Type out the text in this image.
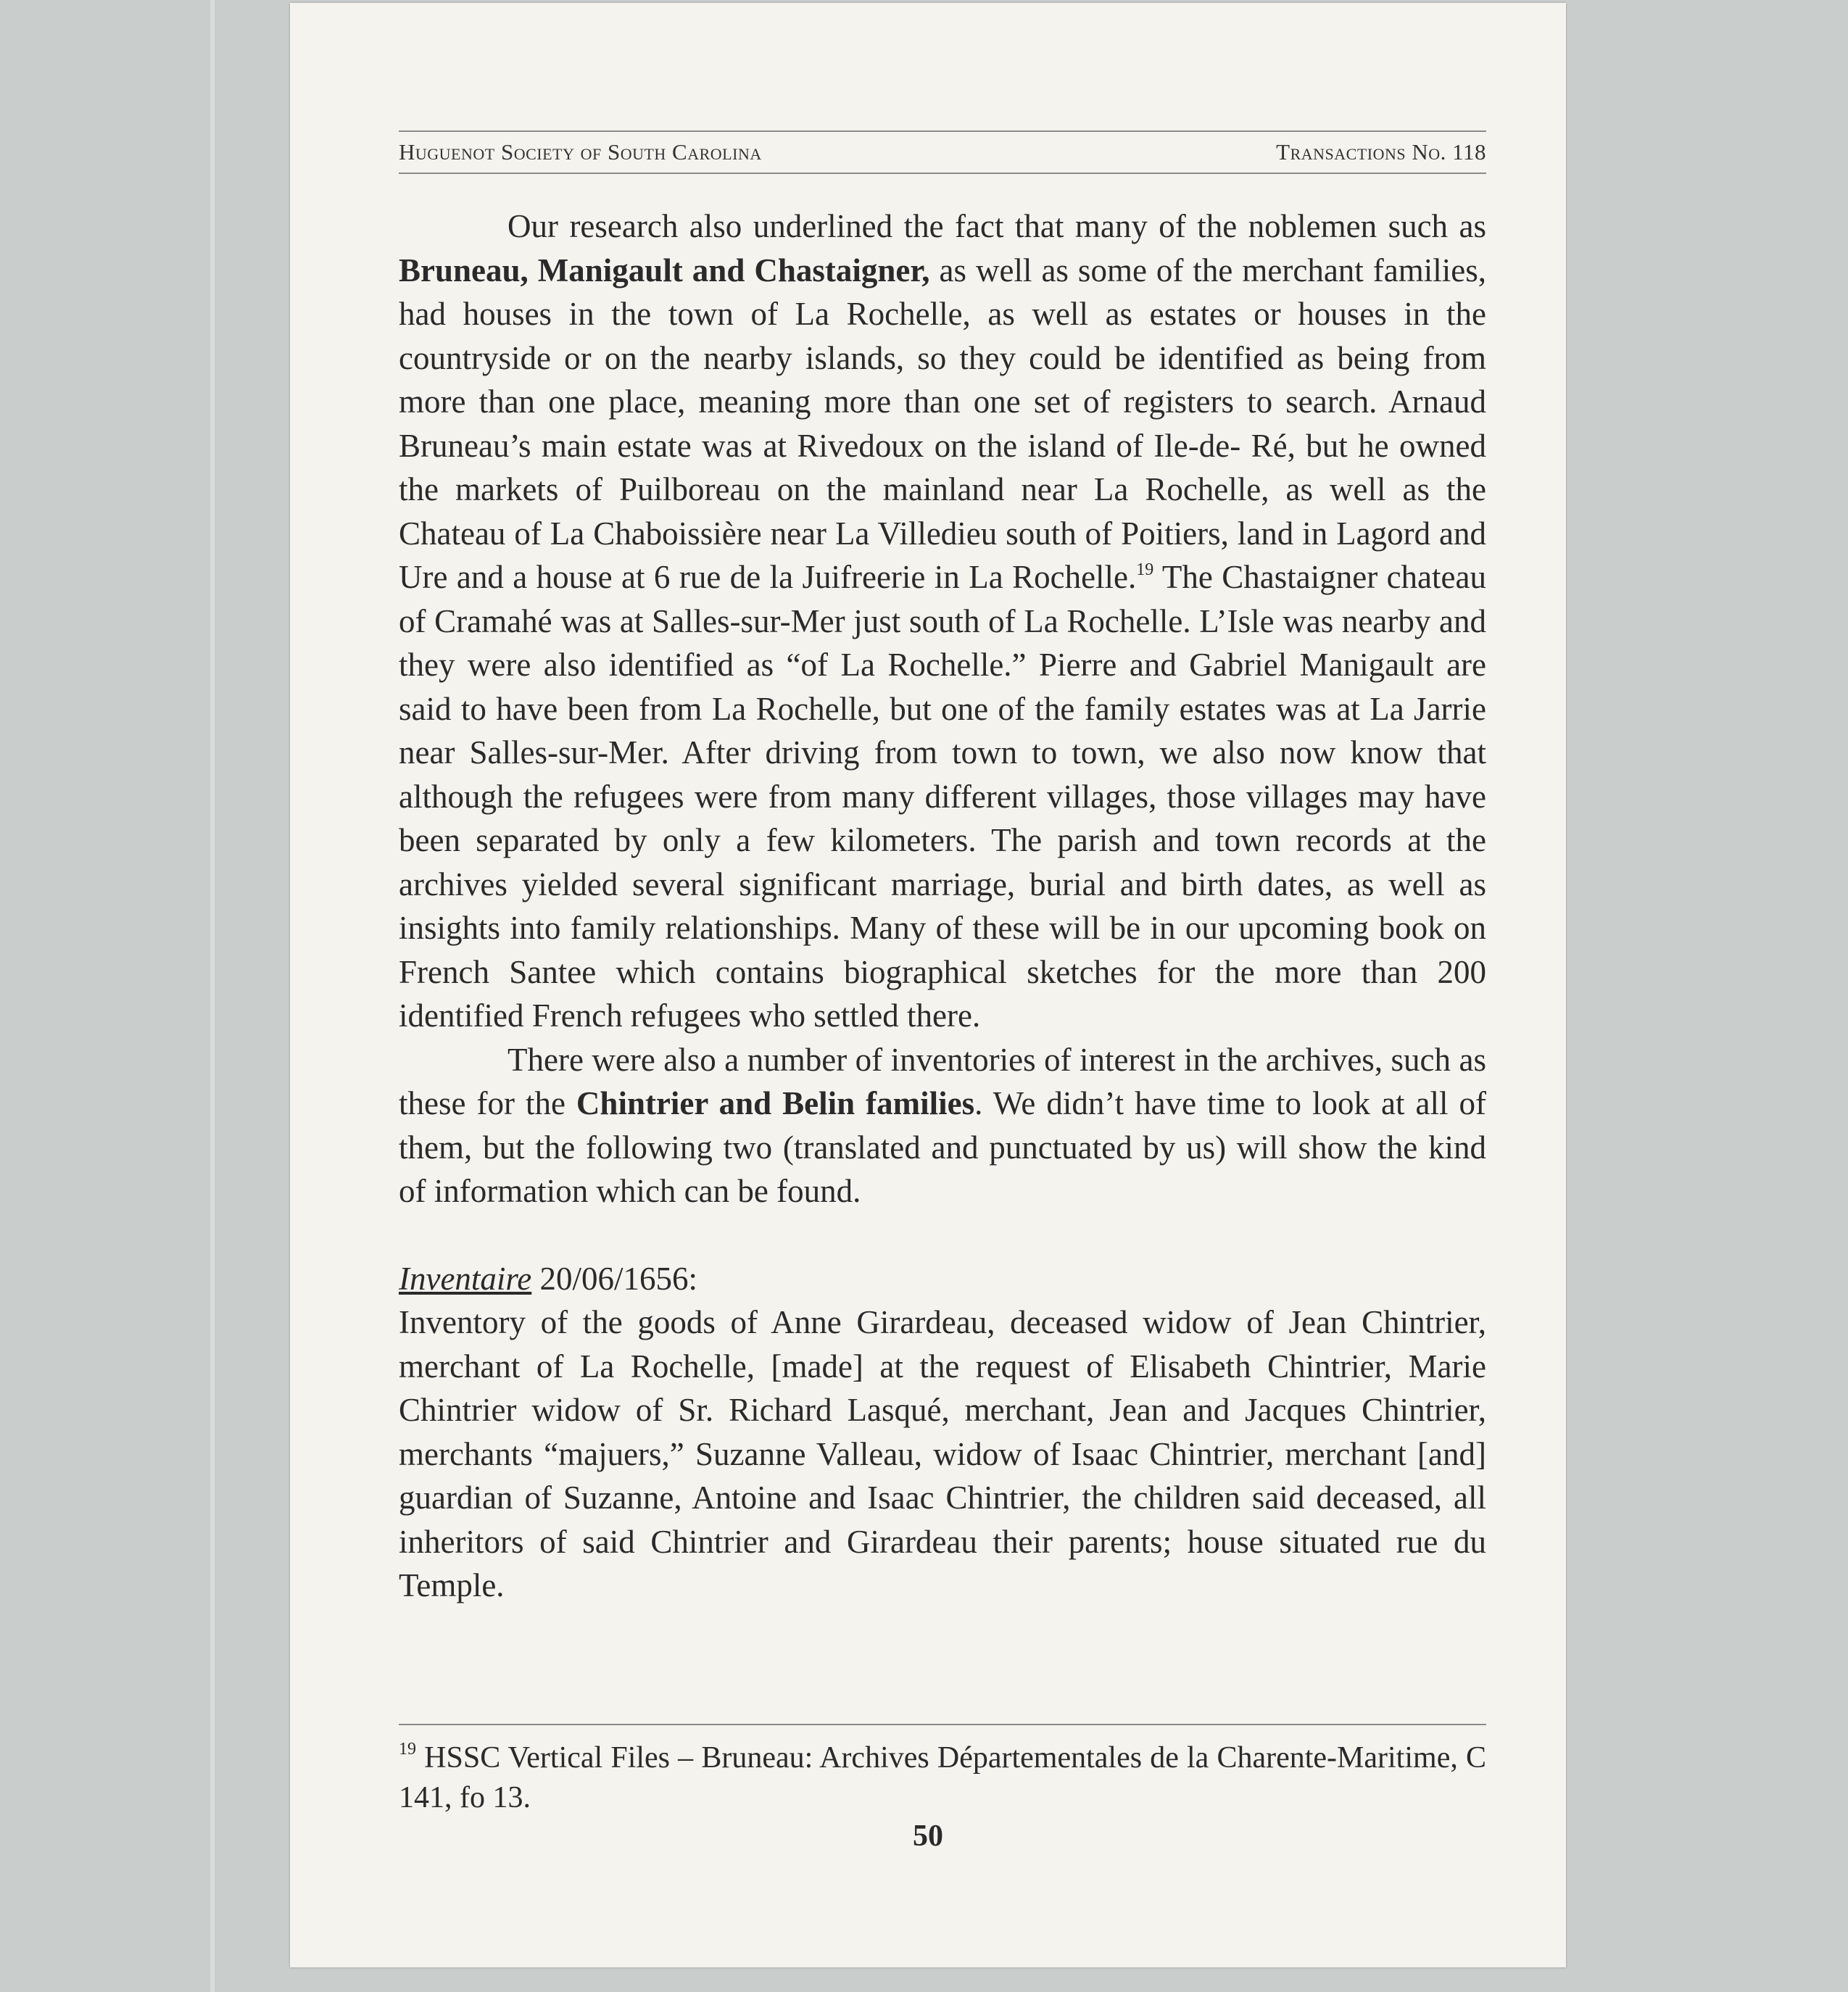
Huguenot Society of South Carolina	Transactions No. 118

Our research also underlined the fact that many of the noblemen such as Bruneau, Manigault and Chastaigner, as well as some of the merchant families, had houses in the town of La Rochelle, as well as estates or houses in the countryside or on the nearby islands, so they could be identified as being from more than one place, meaning more than one set of registers to search. Arnaud Bruneau’s main estate was at Rivedoux on the island of Ile-de- Ré, but he owned the markets of Puilboreau on the mainland near La Rochelle, as well as the Chateau of La Chaboissière near La Villedieu south of Poitiers, land in Lagord and Ure and a house at 6 rue de la Juifreerie in La Rochelle.$^{19}$ The Chastaigner chateau of Cramahé was at Salles-sur-Mer just south of La Rochelle. L’Isle was nearby and they were also identified as “of La Rochelle.” Pierre and Gabriel Manigault are said to have been from La Rochelle, but one of the family estates was at La Jarrie near Salles-sur-Mer. After driving from town to town, we also now know that although the refugees were from many different villages, those villages may have been separated by only a few kilometers. The parish and town records at the archives yielded several significant marriage, burial and birth dates, as well as insights into family relationships. Many of these will be in our upcoming book on French Santee which contains biographical sketches for the more than 200 identified French refugees who settled there.

There were also a number of inventories of interest in the archives, such as these for the Chintrier and Belin families. We didn’t have time to look at all of them, but the following two (translated and punctuated by us) will show the kind of information which can be found.

Inventaire 20/06/1656:

Inventory of the goods of Anne Girardeau, deceased widow of Jean Chintrier, merchant of La Rochelle, [made] at the request of Elisabeth Chintrier, Marie Chintrier widow of Sr. Richard Lasqué, merchant, Jean and Jacques Chintrier, merchants “majuers,” Suzanne Valleau, widow of Isaac Chintrier, merchant [and] guardian of Suzanne, Antoine and Isaac Chintrier, the children said deceased, all inheritors of said Chintrier and Girardeau their parents; house situated rue du Temple.

$^{19}$ HSSC Vertical Files – Bruneau: Archives Départementales de la Charente-Maritime, C 141, fo 13.
50
